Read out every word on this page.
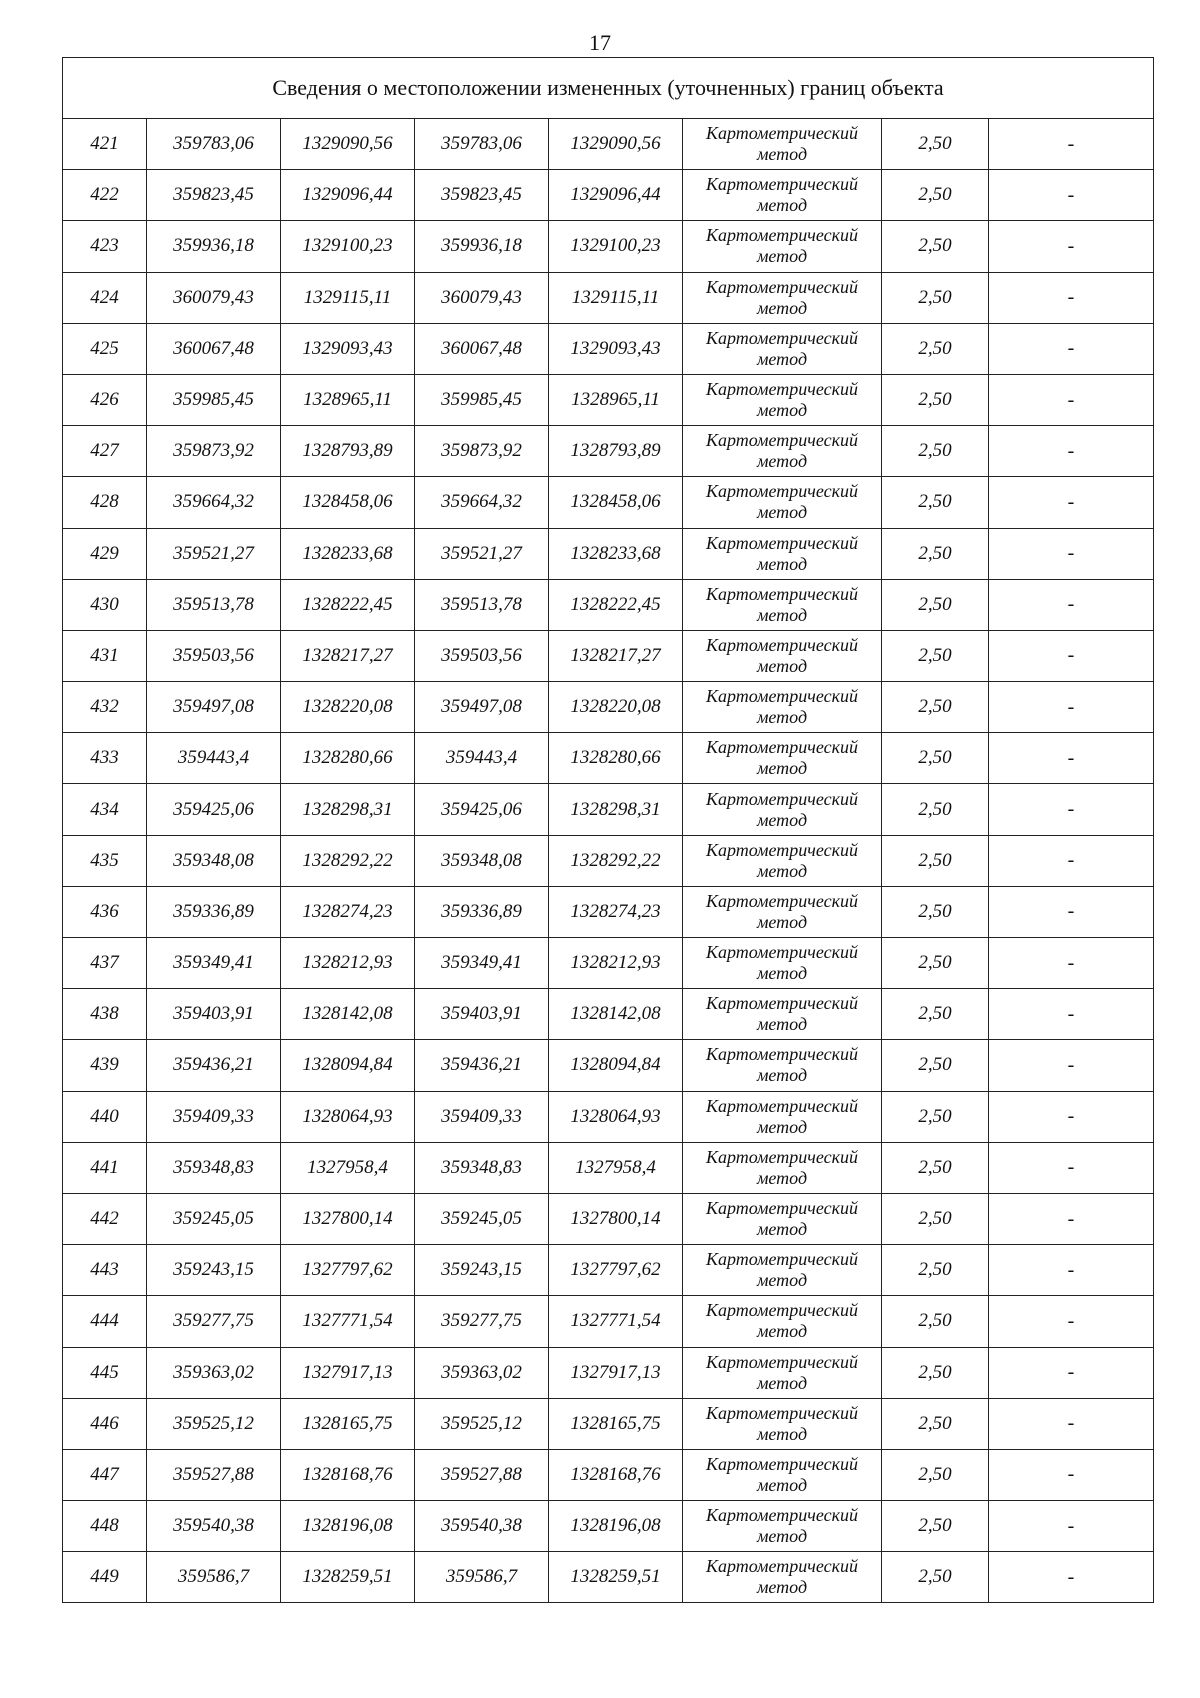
17
Сведения о местоположении измененных (уточненных) границ объекта							
421	359783,06	1329090,56	359783,06	1329090,56	Картометрический
метод	2,50	-
422	359823,45	1329096,44	359823,45	1329096,44	Картометрический
метод	2,50	-
423	359936,18	1329100,23	359936,18	1329100,23	Картометрический
метод	2,50	-
424	360079,43	1329115,11	360079,43	1329115,11	Картометрический
метод	2,50	-
425	360067,48	1329093,43	360067,48	1329093,43	Картометрический
метод	2,50	-
426	359985,45	1328965,11	359985,45	1328965,11	Картометрический
метод	2,50	-
427	359873,92	1328793,89	359873,92	1328793,89	Картометрический
метод	2,50	-
428	359664,32	1328458,06	359664,32	1328458,06	Картометрический
метод	2,50	-
429	359521,27	1328233,68	359521,27	1328233,68	Картометрический
метод	2,50	-
430	359513,78	1328222,45	359513,78	1328222,45	Картометрический
метод	2,50	-
431	359503,56	1328217,27	359503,56	1328217,27	Картометрический
метод	2,50	-
432	359497,08	1328220,08	359497,08	1328220,08	Картометрический
метод	2,50	-
433	359443,4	1328280,66	359443,4	1328280,66	Картометрический
метод	2,50	-
434	359425,06	1328298,31	359425,06	1328298,31	Картометрический
метод	2,50	-
435	359348,08	1328292,22	359348,08	1328292,22	Картометрический
метод	2,50	-
436	359336,89	1328274,23	359336,89	1328274,23	Картометрический
метод	2,50	-
437	359349,41	1328212,93	359349,41	1328212,93	Картометрический
метод	2,50	-
438	359403,91	1328142,08	359403,91	1328142,08	Картометрический
метод	2,50	-
439	359436,21	1328094,84	359436,21	1328094,84	Картометрический
метод	2,50	-
440	359409,33	1328064,93	359409,33	1328064,93	Картометрический
метод	2,50	-
441	359348,83	1327958,4	359348,83	1327958,4	Картометрический
метод	2,50	-
442	359245,05	1327800,14	359245,05	1327800,14	Картометрический
метод	2,50	-
443	359243,15	1327797,62	359243,15	1327797,62	Картометрический
метод	2,50	-
444	359277,75	1327771,54	359277,75	1327771,54	Картометрический
метод	2,50	-
445	359363,02	1327917,13	359363,02	1327917,13	Картометрический
метод	2,50	-
446	359525,12	1328165,75	359525,12	1328165,75	Картометрический
метод	2,50	-
447	359527,88	1328168,76	359527,88	1328168,76	Картометрический
метод	2,50	-
448	359540,38	1328196,08	359540,38	1328196,08	Картометрический
метод	2,50	-
449	359586,7	1328259,51	359586,7	1328259,51	Картометрический
метод	2,50	-
